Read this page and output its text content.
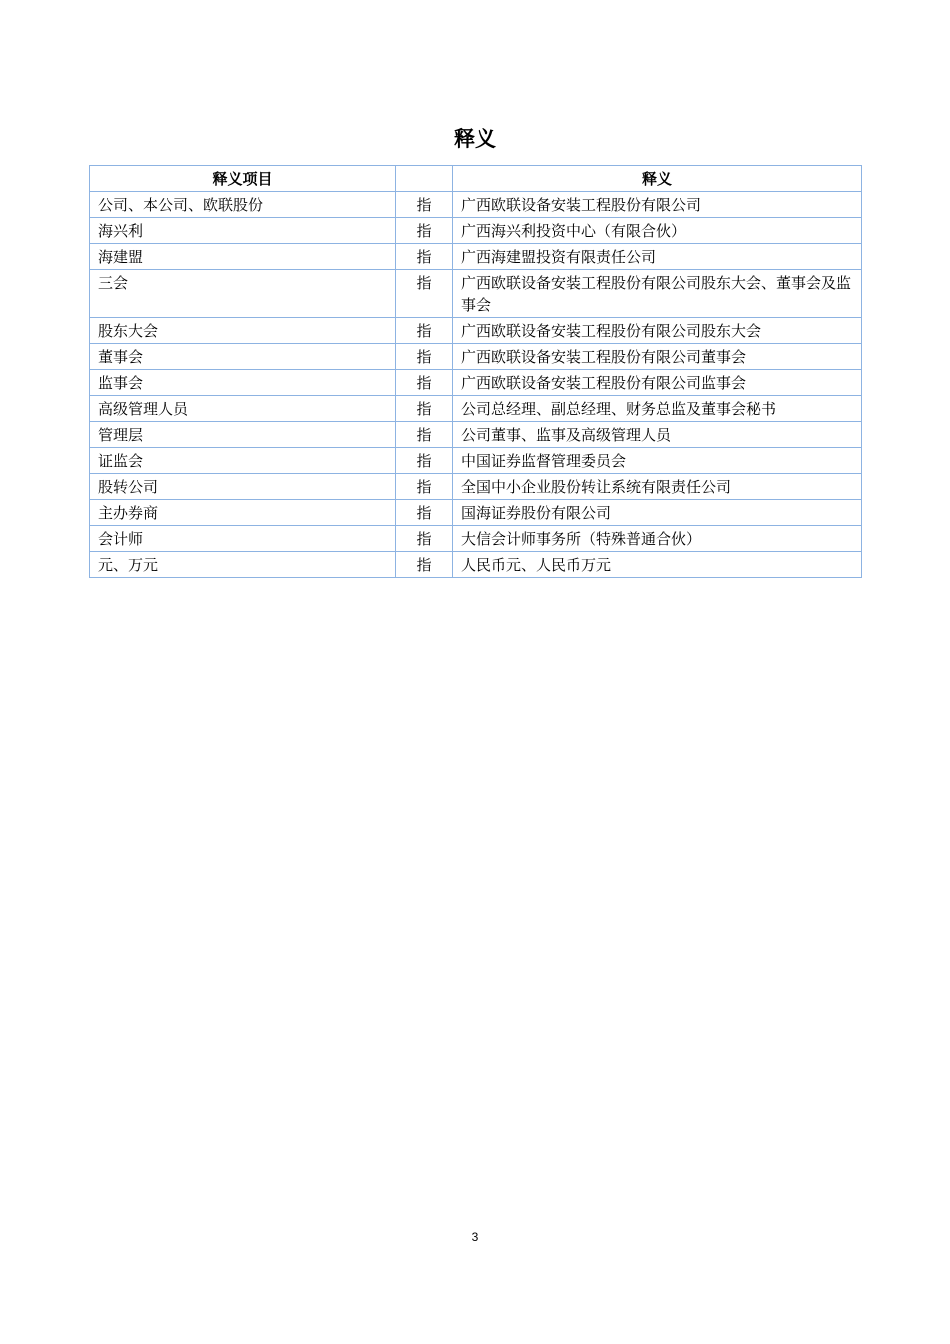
释义
释义项目		释义
公司、本公司、欧联股份	指	广西欧联设备安装工程股份有限公司
海兴利	指	广西海兴利投资中心（有限合伙）
海建盟	指	广西海建盟投资有限责任公司
三会	指	广西欧联设备安装工程股份有限公司股东大会、董事会及监事会
股东大会	指	广西欧联设备安装工程股份有限公司股东大会
董事会	指	广西欧联设备安装工程股份有限公司董事会
监事会	指	广西欧联设备安装工程股份有限公司监事会
高级管理人员	指	公司总经理、副总经理、财务总监及董事会秘书
管理层	指	公司董事、监事及高级管理人员
证监会	指	中国证券监督管理委员会
股转公司	指	全国中小企业股份转让系统有限责任公司
主办券商	指	国海证券股份有限公司
会计师	指	大信会计师事务所（特殊普通合伙）
元、万元	指	人民币元、人民币万元
3
